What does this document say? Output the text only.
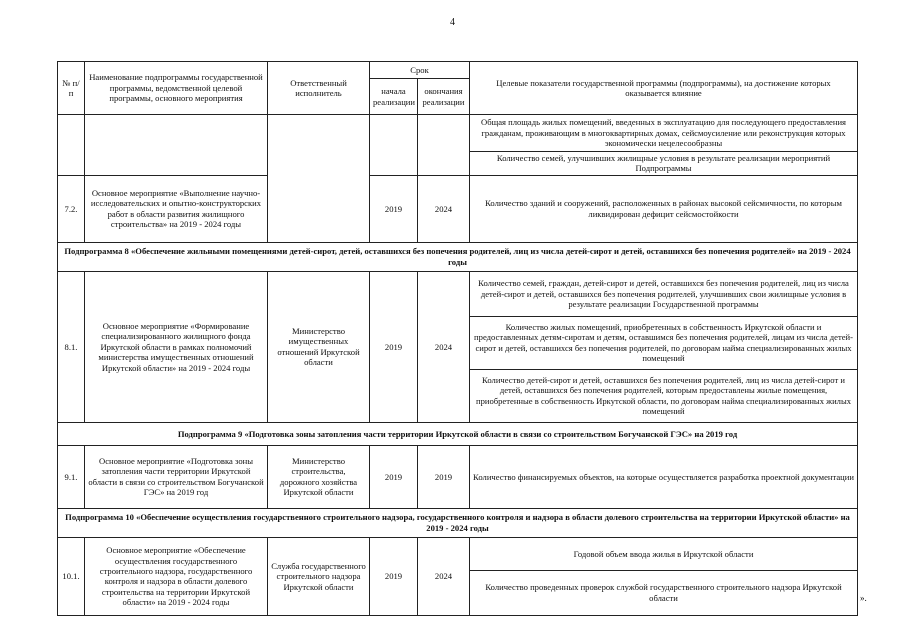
4
№ п/п	Наименование подпрограммы государственной программы, ведомственной целевой программы, основного мероприятия	Ответственный исполнитель	Срок		Целевые показатели государственной программы (подпрограммы), на достижение которых оказывается влияние
			начала реализации	окончания реализации	
					Общая площадь жилых помещений, введенных в эксплуатацию для последующего предоставления гражданам, проживающим в многоквартирных домах, сейсмоусиление или реконструкция которых экономически нецелесообразны
					Количество семей, улучшивших жилищные условия в результате реализации мероприятий Подпрограммы
7.2.	Основное мероприятие «Выполнение научно-исследовательских и опытно-конструкторских работ в области развития жилищного строительства» на 2019 - 2024 годы		2019	2024	Количество зданий и сооружений, расположенных в районах высокой сейсмичности, по которым ликвидирован дефицит сейсмостойкости
Подпрограмма 8 «Обеспечение жильными помещениями детей-сирот, детей, оставшихся без попечения родителей, лиц из числа детей-сирот и детей, оставшихся без попечения родителей» на 2019 - 2024 годы					
8.1.	Основное мероприятие «Формирование специализированного жилищного фонда Иркутской области в рамках полномочий министерства имущественных отношений Иркутской области» на 2019 - 2024 годы	Министерство имущественных отношений Иркутской области	2019	2024	Количество семей, граждан, детей-сирот и детей, оставшихся без попечения родителей, лиц из числа детей-сирот и детей, оставшихся без попечения родителей, улучшивших свои жилищные условия в результате реализации Государственной программы
					Количество жилых помещений, приобретенных в собственность Иркутской области и предоставленных детям-сиротам и детям, оставшимся без попечения родителей, лицам из числа детей-сирот и детей, оставшихся без попечения родителей, по договорам найма специализированных жилых помещений
					Количество детей-сирот и детей, оставшихся без попечения родителей, лиц из числа детей-сирот и детей, оставшихся без попечения родителей, которым предоставлены жилые помещения, приобретенные в собственность Иркутской области, по договорам найма специализированных жилых помещений
Подпрограмма 9 «Подготовка зоны затопления части территории Иркутской области в связи со строительством Богучанской ГЭС» на 2019 год					
9.1.	Основное мероприятие «Подготовка зоны затопления части территории Иркутской области в связи со строительством Богучанской ГЭС» на 2019 год	Министерство строительства, дорожного хозяйства Иркутской области	2019	2019	Количество финансируемых объектов, на которые осуществляется разработка проектной документации
Подпрограмма 10 «Обеспечение осуществления государственного строительного надзора, государственного контроля и надзора в области долевого строительства на территории Иркутской области» на 2019 - 2024 годы					
10.1.	Основное мероприятие «Обеспечение осуществления государственного строительного надзора, государственного контроля и надзора в области долевого строительства на территории Иркутской области» на 2019 - 2024 годы	Служба государственного строительного надзора Иркутской области	2019	2024	Годовой объем ввода жилья в Иркутской области
					Количество проведенных проверок службой государственного строительного надзора Иркутской области	».
